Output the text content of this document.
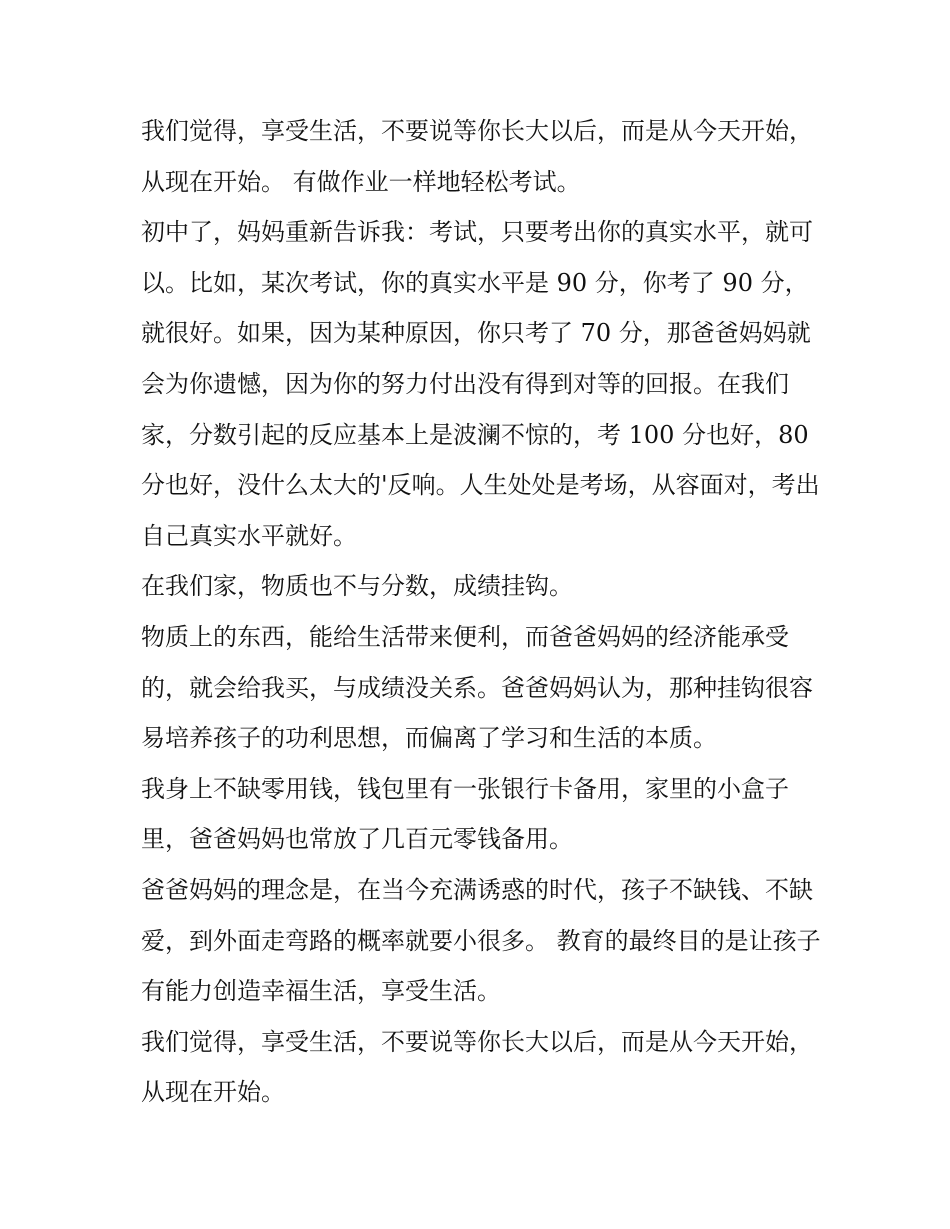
我们觉得，享受生活，不要说等你长大以后，而是从今天开始，从现在开始。 有做作业一样地轻松考试。

初中了，妈妈重新告诉我：考试，只要考出你的真实水平，就可以。比如，某次考试，你的真实水平是 90 分，你考了 90 分，就很好。如果，因为某种原因，你只考了 70 分，那爸爸妈妈就会为你遗憾，因为你的努力付出没有得到对等的回报。在我们家，分数引起的反应基本上是波澜不惊的，考 100 分也好，80 分也好，没什么太大的'反响。人生处处是考场，从容面对，考出自己真实水平就好。

在我们家，物质也不与分数，成绩挂钩。

物质上的东西，能给生活带来便利，而爸爸妈妈的经济能承受的，就会给我买，与成绩没关系。爸爸妈妈认为，那种挂钩很容易培养孩子的功利思想，而偏离了学习和生活的本质。

我身上不缺零用钱，钱包里有一张银行卡备用，家里的小盒子里，爸爸妈妈也常放了几百元零钱备用。

爸爸妈妈的理念是，在当今充满诱惑的时代，孩子不缺钱、不缺爱，到外面走弯路的概率就要小很多。 教育的最终目的是让孩子有能力创造幸福生活，享受生活。

我们觉得，享受生活，不要说等你长大以后，而是从今天开始，从现在开始。
